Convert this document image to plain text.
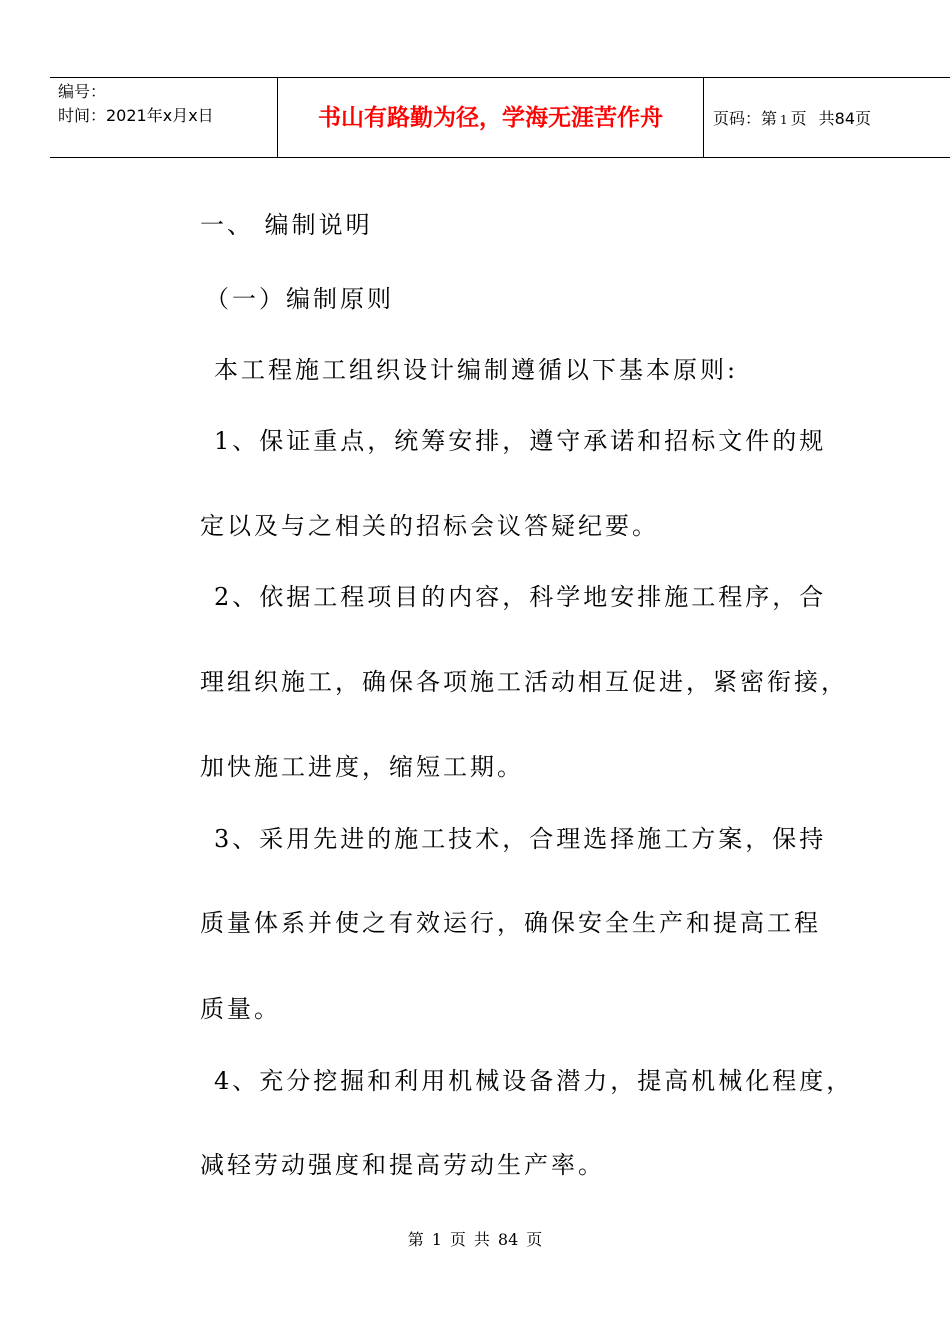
编号：
时间：2021年x月x日	书山有路勤为径，学海无涯苦作舟	页码：第 1 页 共84页
一、 编制说明
（一）编制原则
本工程施工组织设计编制遵循以下基本原则:
1、保证重点，统筹安排，遵守承诺和招标文件的规
定以及与之相关的招标会议答疑纪要。
2、依据工程项目的内容，科学地安排施工程序，合
理组织施工，确保各项施工活动相互促进，紧密衔接，
加快施工进度，缩短工期。
3、采用先进的施工技术，合理选择施工方案，保持
质量体系并使之有效运行，确保安全生产和提高工程
质量。
4、充分挖掘和利用机械设备潜力，提高机械化程度，
减轻劳动强度和提高劳动生产率。
第 1 页 共 84 页
